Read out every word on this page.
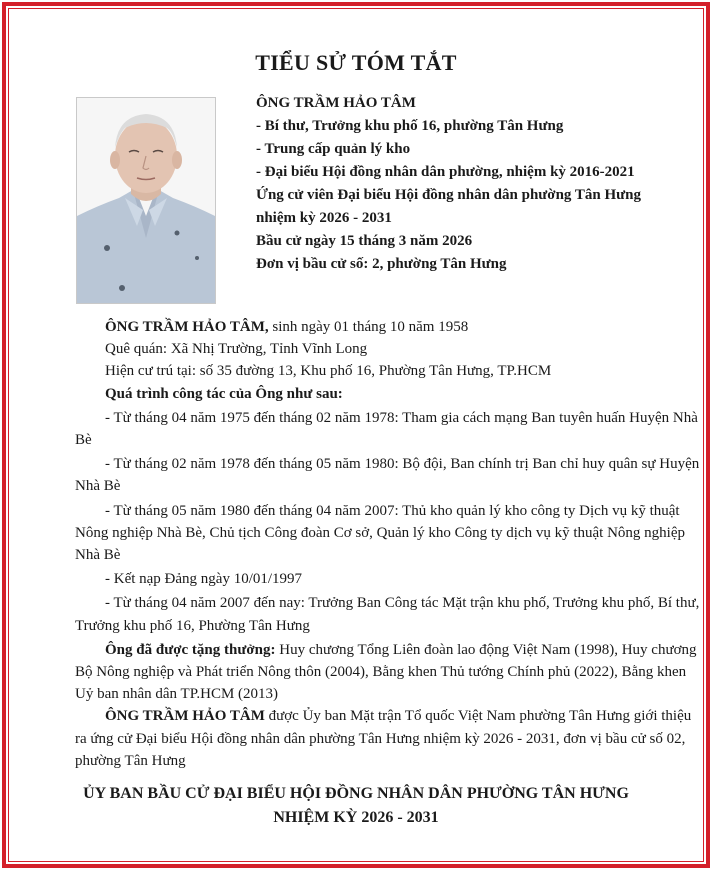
TIỂU SỬ TÓM TẮT
ÔNG TRẦM HẢO TÂM
- Bí thư, Trưởng khu phố 16, phường Tân Hưng
- Trung cấp quản lý kho
- Đại biểu Hội đồng nhân dân phường, nhiệm kỳ 2016-2021
Ứng cử viên Đại biểu Hội đồng nhân dân phường Tân Hưng
nhiệm kỳ 2026 - 2031
Bầu cử ngày 15 tháng 3 năm 2026
Đơn vị bầu cử số: 2, phường Tân Hưng

ÔNG TRẦM HẢO TÂM, sinh ngày 01 tháng 10 năm 1958

Quê quán: Xã Nhị Trường, Tỉnh Vĩnh Long

Hiện cư trú tại: số 35 đường 13, Khu phố 16, Phường Tân Hưng, TP.HCM

Quá trình công tác của Ông như sau:

- Từ tháng 04 năm 1975 đến tháng 02 năm 1978: Tham gia cách mạng Ban tuyên huấn Huyện Nhà Bè

- Từ tháng 02 năm 1978 đến tháng 05 năm 1980: Bộ đội, Ban chính trị Ban chỉ huy quân sự Huyện Nhà Bè

- Từ tháng 05 năm 1980 đến tháng 04 năm 2007: Thủ kho quản lý kho công ty Dịch vụ kỹ thuật Nông nghiệp Nhà Bè, Chủ tịch Công đoàn Cơ sở, Quản lý kho Công ty dịch vụ kỹ thuật Nông nghiệp Nhà Bè

- Kết nạp Đảng ngày 10/01/1997

- Từ tháng 04 năm 2007 đến nay: Trưởng Ban Công tác Mặt trận khu phố, Trưởng khu phố, Bí thư, Trưởng khu phố 16, Phường Tân Hưng

Ông đã được tặng thưởng: Huy chương Tổng Liên đoàn lao động Việt Nam (1998), Huy chương Bộ Nông nghiệp và Phát triển Nông thôn (2004), Bằng khen Thủ tướng Chính phủ (2022), Bằng khen Uỷ ban nhân dân TP.HCM (2013)

ÔNG TRẦM HẢO TÂM được Ủy ban Mặt trận Tổ quốc Việt Nam phường Tân Hưng giới thiệu ra ứng cử Đại biểu Hội đồng nhân dân phường Tân Hưng nhiệm kỳ 2026 - 2031, đơn vị bầu cử số 02, phường Tân Hưng

ỦY BAN BẦU CỬ ĐẠI BIỂU HỘI ĐỒNG NHÂN DÂN PHƯỜNG TÂN HƯNG
NHIỆM KỲ 2026 - 2031
